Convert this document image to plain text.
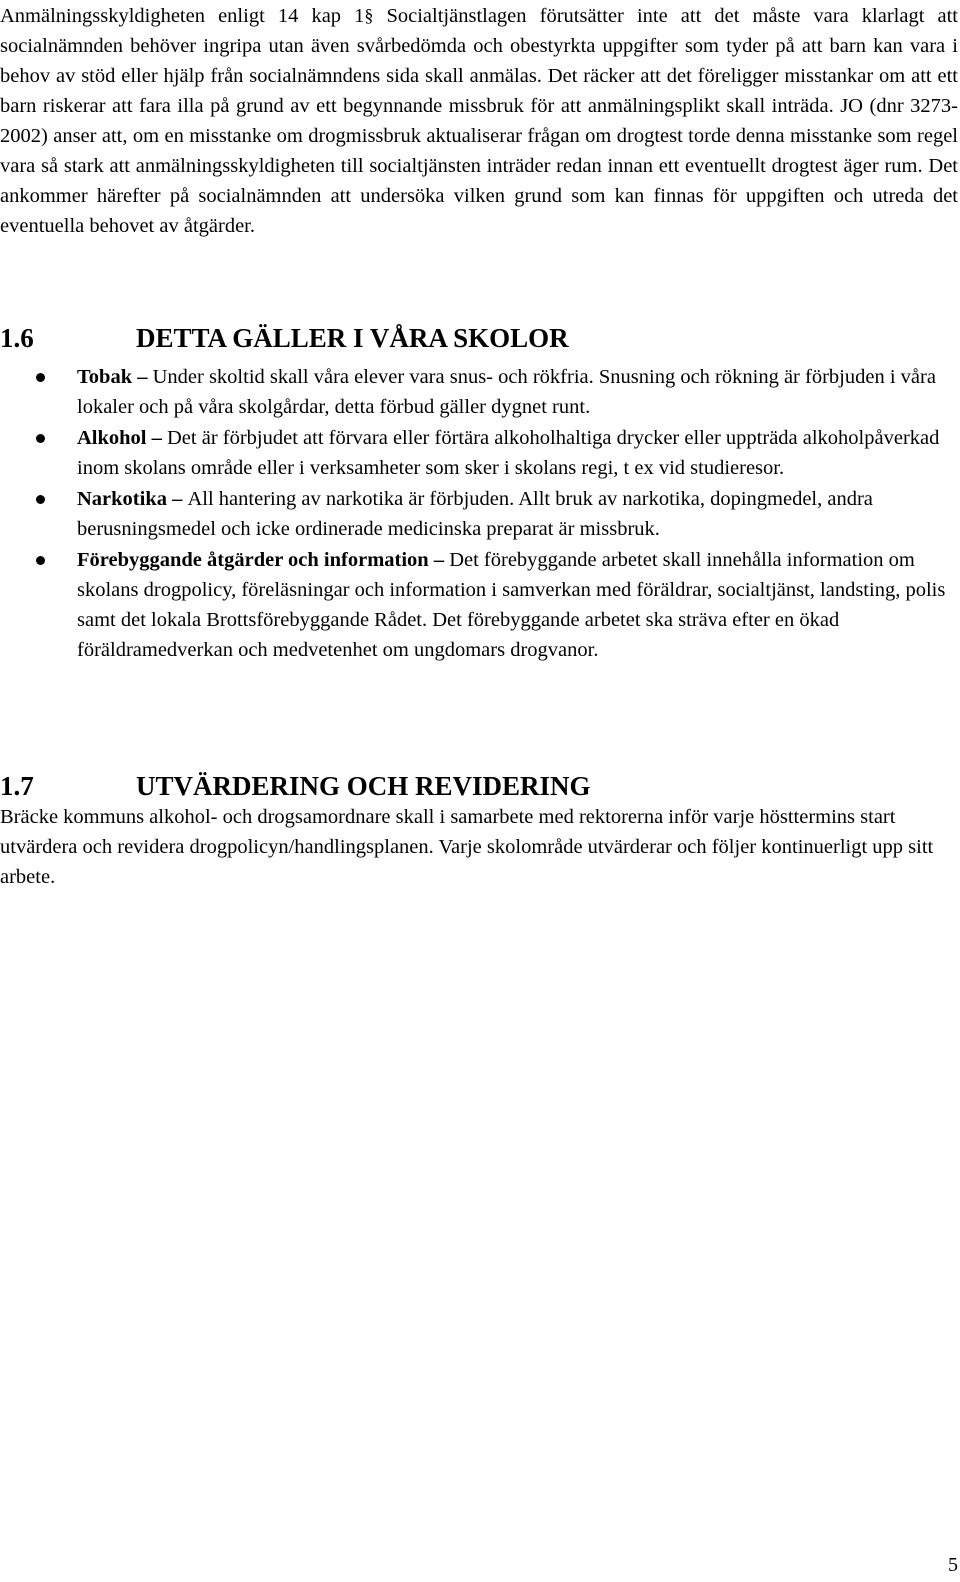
Anmälningsskyldigheten enligt 14 kap 1§ Socialtjänstlagen förutsätter inte att det måste vara klarlagt att socialnämnden behöver ingripa utan även svårbedömda och obestyrkta uppgifter som tyder på att barn kan vara i behov av stöd eller hjälp från socialnämndens sida skall anmälas. Det räcker att det föreligger misstankar om att ett barn riskerar att fara illa på grund av ett begynnande missbruk för att anmälningsplikt skall inträda. JO (dnr 3273-2002) anser att, om en misstanke om drogmissbruk aktualiserar frågan om drogtest torde denna misstanke som regel vara så stark att anmälningsskyldigheten till socialtjänsten inträder redan innan ett eventuellt drogtest äger rum. Det ankommer härefter på socialnämnden att undersöka vilken grund som kan finnas för uppgiften och utreda det eventuella behovet av åtgärder.

1.6	DETTA GÄLLER I VÅRA SKOLOR
Tobak – Under skoltid skall våra elever vara snus- och rökfria. Snusning och rökning är förbjuden i våra lokaler och på våra skolgårdar, detta förbud gäller dygnet runt.
Alkohol – Det är förbjudet att förvara eller förtära alkoholhaltiga drycker eller uppträda alkoholpåverkad inom skolans område eller i verksamheter som sker i skolans regi, t ex vid studieresor.
Narkotika – All hantering av narkotika är förbjuden. Allt bruk av narkotika, dopingmedel, andra berusningsmedel och icke ordinerade medicinska preparat är missbruk.
Förebyggande åtgärder och information – Det förebyggande arbetet skall innehålla information om skolans drogpolicy, föreläsningar och information i samverkan med föräldrar, socialtjänst, landsting, polis samt det lokala Brottsförebyggande Rådet. Det förebyggande arbetet ska sträva efter en ökad föräldramedverkan och medvetenhet om ungdomars drogvanor.
1.7	UTVÄRDERING OCH REVIDERING

Bräcke kommuns alkohol- och drogsamordnare skall i samarbete med rektorerna inför varje hösttermins start utvärdera och revidera drogpolicyn/handlingsplanen. Varje skolområde utvärderar och följer kontinuerligt upp sitt arbete.

5
